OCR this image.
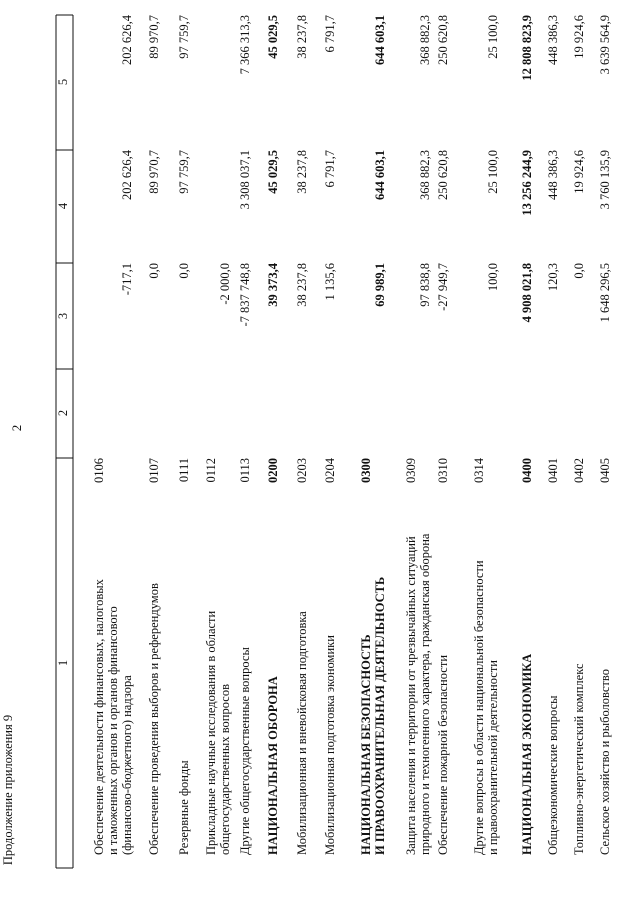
2
Продолжение приложения 9
1
2
3
4
5
Обеспечение деятельности финансовых, налоговых и таможенных органов и органов финансового (финансово-бюджетного) надзора
0106
-717,1
202 626,4
202 626,4
Обеспечение проведения выборов и референдумов
0107
0,0
89 970,7
89 970,7
Резервные фонды
0111
0,0
97 759,7
97 759,7
Прикладные научные исследования в области общегосударственных вопросов
0112
-2 000,0
Другие общегосударственные вопросы
0113
-7 837 748,8
3 308 037,1
7 366 313,3
НАЦИОНАЛЬНАЯ ОБОРОНА
0200
39 373,4
45 029,5
45 029,5
Мобилизационная и вневойсковая подготовка
0203
38 237,8
38 237,8
38 237,8
Мобилизационная подготовка экономики
0204
1 135,6
6 791,7
6 791,7
НАЦИОНАЛЬНАЯ БЕЗОПАСНОСТЬ И ПРАВООХРАНИТЕЛЬНАЯ ДЕЯТЕЛЬНОСТЬ
0300
69 989,1
644 603,1
644 603,1
Защита населения и территории от чрезвычайных ситуаций природного и техногенного характера, гражданская оборона
0309
97 838,8
368 882,3
368 882,3
Обеспечение пожарной безопасности
0310
-27 949,7
250 620,8
250 620,8
Другие вопросы в области национальной безопасности и правоохранительной деятельности
0314
100,0
25 100,0
25 100,0
НАЦИОНАЛЬНАЯ ЭКОНОМИКА
0400
4 908 021,8
13 256 244,9
12 808 823,9
Общеэкономические вопросы
0401
120,3
448 386,3
448 386,3
Топливно-энергетический комплекс
0402
0,0
19 924,6
19 924,6
Сельское хозяйство и рыболовство
0405
1 648 296,5
3 760 135,9
3 639 564,9
